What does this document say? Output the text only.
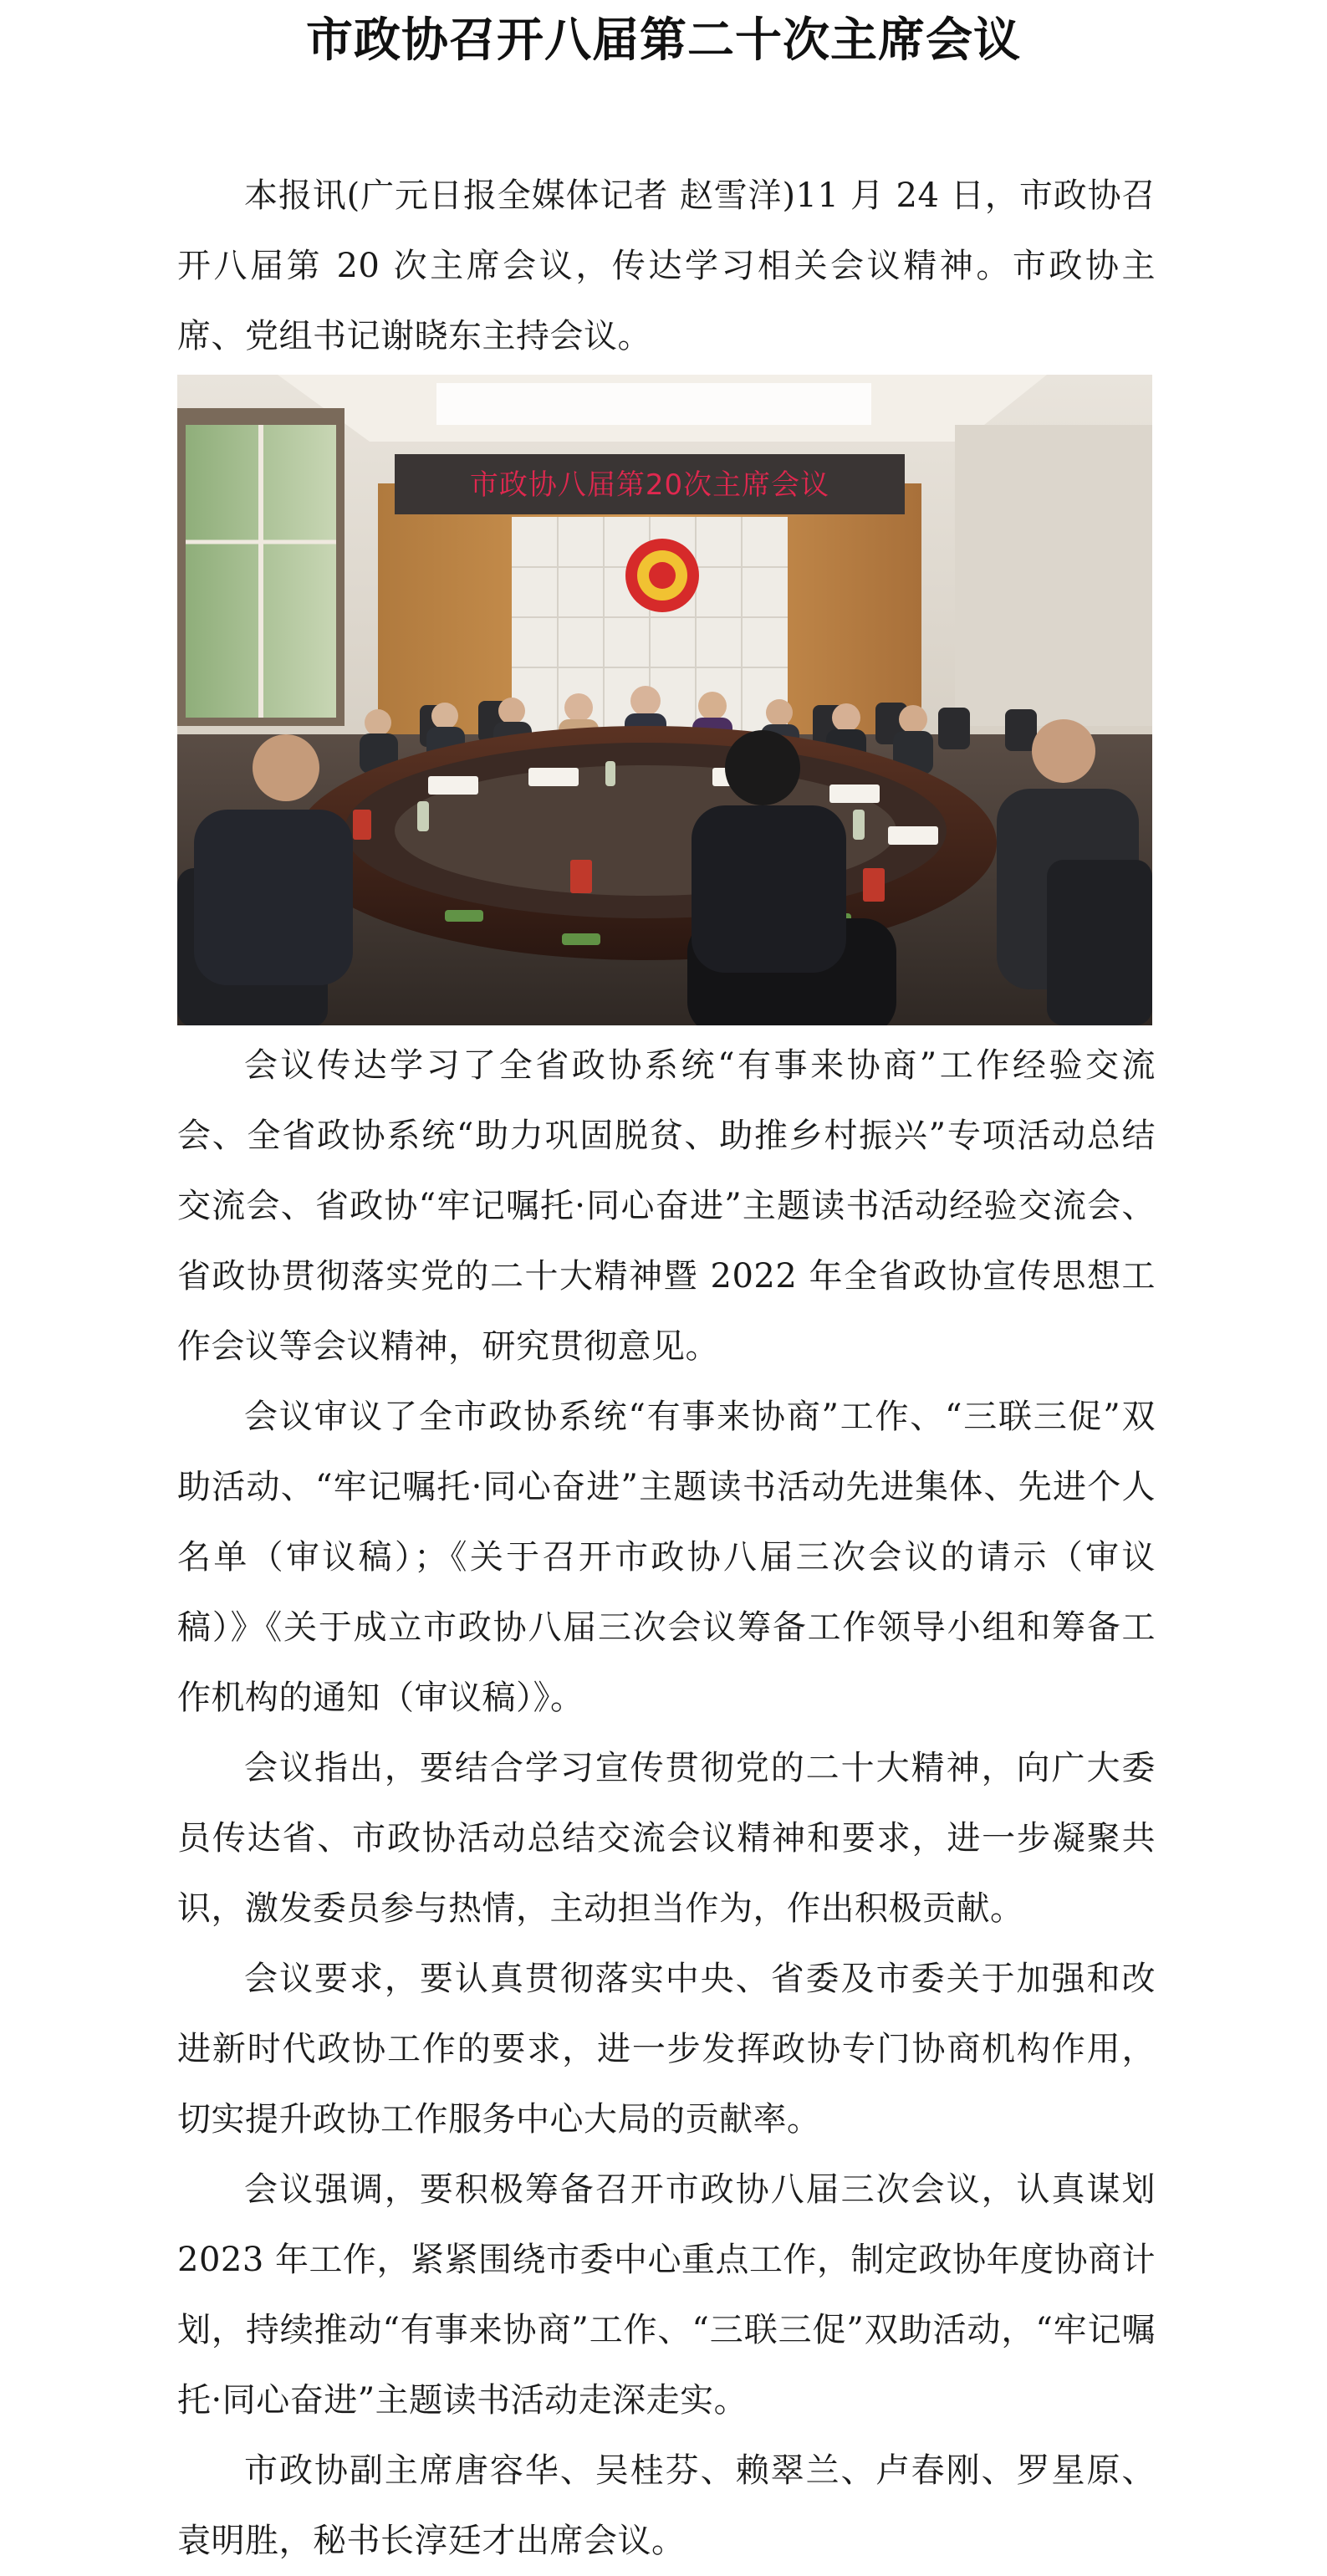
市政协召开八届第二十次主席会议

本报讯(广元日报全媒体记者 赵雪洋)11 月 24 日，市政协召开八届第 20 次主席会议，传达学习相关会议精神。市政协主席、党组书记谢晓东主持会议。

市政协八届第20次主席会议

会议传达学习了全省政协系统“有事来协商”工作经验交流会、全省政协系统“助力巩固脱贫、助推乡村振兴”专项活动总结交流会、省政协“牢记嘱托·同心奋进”主题读书活动经验交流会、省政协贯彻落实党的二十大精神暨 2022 年全省政协宣传思想工作会议等会议精神，研究贯彻意见。

会议审议了全市政协系统“有事来协商”工作、“三联三促”双助活动、“牢记嘱托·同心奋进”主题读书活动先进集体、先进个人名单（审议稿）；《关于召开市政协八届三次会议的请示（审议稿）》《关于成立市政协八届三次会议筹备工作领导小组和筹备工作机构的通知（审议稿）》。

会议指出，要结合学习宣传贯彻党的二十大精神，向广大委员传达省、市政协活动总结交流会议精神和要求，进一步凝聚共识，激发委员参与热情，主动担当作为，作出积极贡献。

会议要求，要认真贯彻落实中央、省委及市委关于加强和改进新时代政协工作的要求，进一步发挥政协专门协商机构作用，切实提升政协工作服务中心大局的贡献率。

会议强调，要积极筹备召开市政协八届三次会议，认真谋划 2023 年工作，紧紧围绕市委中心重点工作，制定政协年度协商计划，持续推动“有事来协商”工作、“三联三促”双助活动，“牢记嘱托·同心奋进”主题读书活动走深走实。

市政协副主席唐容华、吴桂芬、赖翠兰、卢春刚、罗星原、袁明胜，秘书长淳廷才出席会议。
